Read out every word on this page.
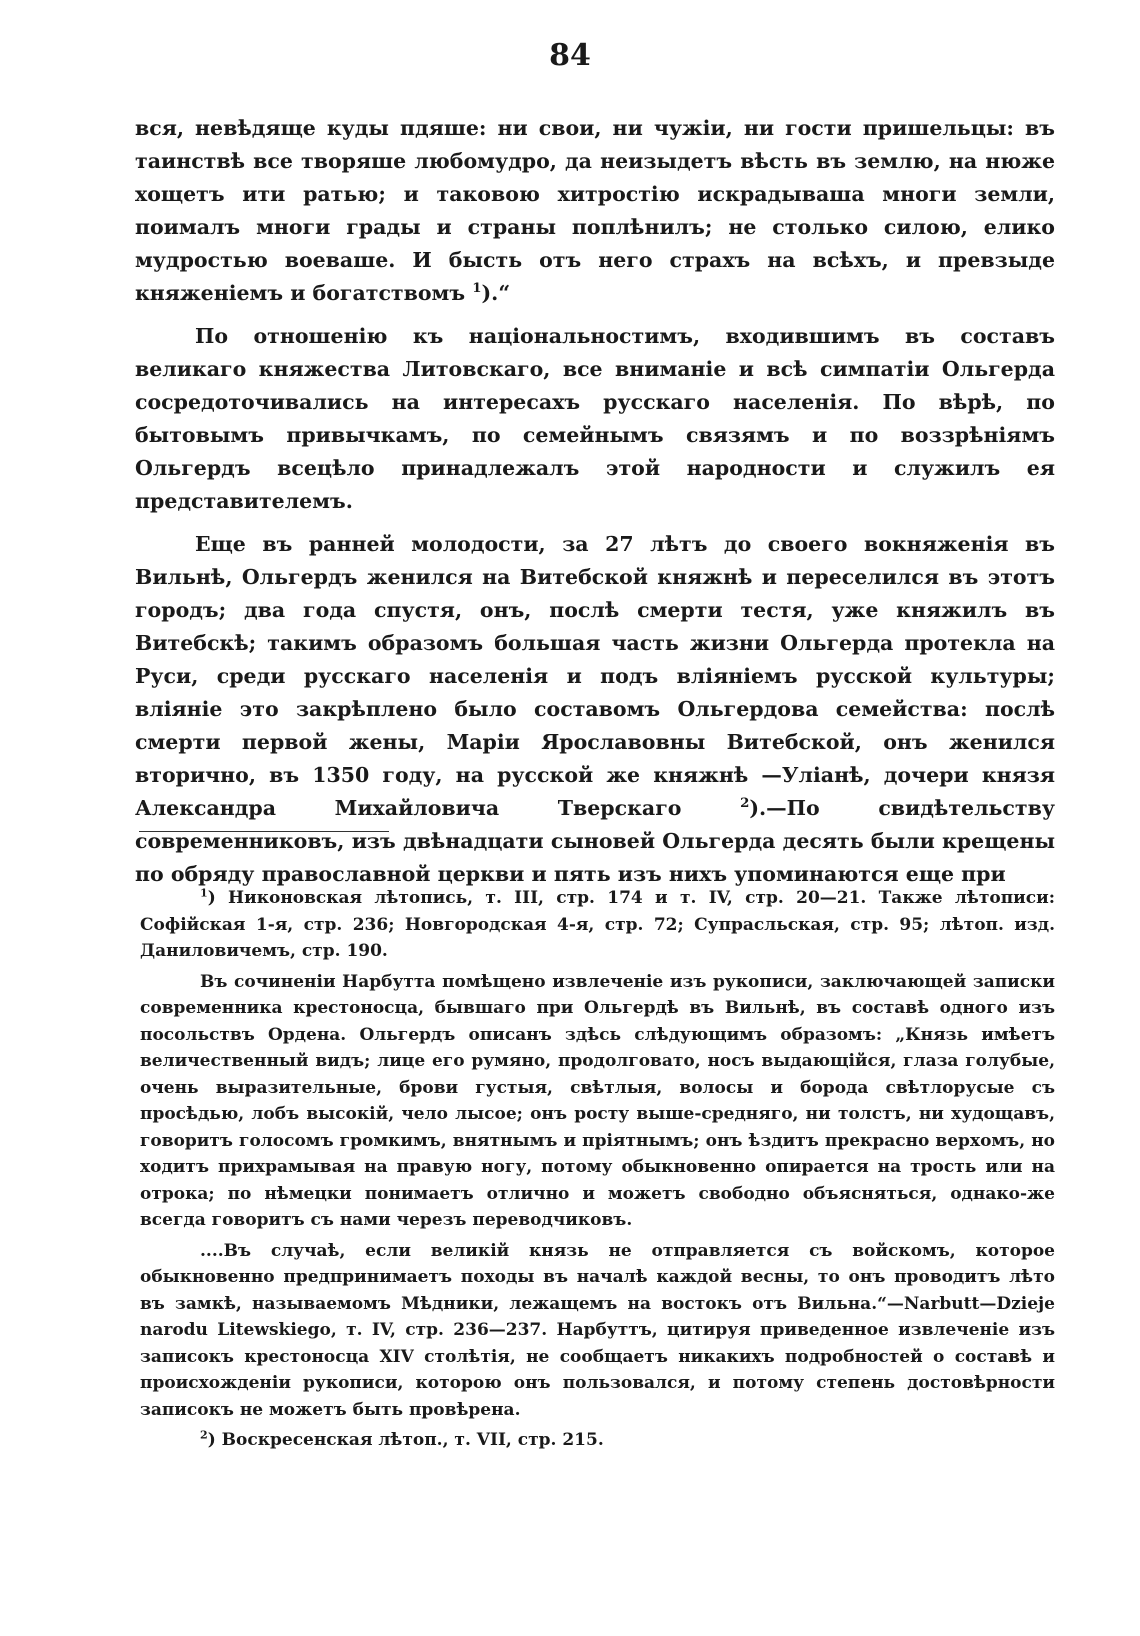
84

вся, невѣдяще куды пдяше: ни свои, ни чужіи, ни гости пришельцы: въ таинствѣ все творяше любомудро, да неизыдетъ вѣсть въ землю, на нюже хощетъ ити ратью; и таковою хитростію искрадываша многи земли, поималъ многи грады и страны поплѣнилъ; не столько силою, елико мудростью воеваше. И бысть отъ него страхъ на всѣхъ, и превзыде княженіемъ и богатствомъ $^1$).“

По отношенію къ національностимъ, входившимъ въ составъ великаго княжества Литовскаго, все вниманіе и всѣ симпатіи Ольгерда сосредоточивались на интересахъ русскаго населенія. По вѣрѣ, по бытовымъ привычкамъ, по семейнымъ связямъ и по воззрѣніямъ Ольгердъ всецѣло принадлежалъ этой народности и служилъ ея представителемъ.

Еще въ ранней молодости, за 27 лѣтъ до своего вокняженія въ Вильнѣ, Ольгердъ женился на Витебской княжнѣ и переселился въ этотъ городъ; два года спустя, онъ, послѣ смерти тестя, уже княжилъ въ Витебскѣ; такимъ образомъ большая часть жизни Ольгерда протекла на Руси, среди русскаго населенія и подъ вліяніемъ русской культуры; вліяніе это закрѣплено было составомъ Ольгердова семейства: послѣ смерти первой жены, Маріи Ярославовны Витебской, онъ женился вторично, въ 1350 году, на русской же княжнѣ —Уліанѣ, дочери князя Александра Михайловича Тверскаго $^2$).—По свидѣтельству современниковъ, изъ двѣнадцати сыновей Ольгерда десять были крещены по обряду православной церкви и пять изъ нихъ упоминаются еще при

$^1$) Никоновская лѣтопись, т. III, стр. 174 и т. IV, стр. 20—21. Также лѣтописи: Софійская 1-я, стр. 236; Новгородская 4-я, стр. 72; Супрасльская, стр. 95; лѣтоп. изд. Даниловичемъ, стр. 190.

Въ сочиненіи Нарбутта помѣщено извлеченіе изъ рукописи, заключающей записки современника крестоносца, бывшаго при Ольгердѣ въ Вильнѣ, въ составѣ одного изъ посольствъ Ордена. Ольгердъ описанъ здѣсь слѣдующимъ образомъ: „Князь имѣетъ величественный видъ; лице его румяно, продолговато, носъ выдающійся, глаза голубые, очень выразительные, брови густыя, свѣтлыя, волосы и борода свѣтлорусые съ просѣдью, лобъ высокій, чело лысое; онъ росту выше-средняго, ни толстъ, ни худощавъ, говоритъ голосомъ громкимъ, внятнымъ и пріятнымъ; онъ ѣздитъ прекрасно верхомъ, но ходитъ прихрамывая на правую ногу, потому обыкновенно опирается на трость или на отрока; по нѣмецки понимаетъ отлично и можетъ свободно объясняться, однако-же всегда говоритъ съ нами черезъ переводчиковъ.

....Въ случаѣ, если великій князь не отправляется съ войскомъ, которое обыкновенно предпринимаетъ походы въ началѣ каждой весны, то онъ проводитъ лѣто въ замкѣ, называемомъ Мѣдники, лежащемъ на востокъ отъ Вильна.“—Narbutt—Dzieje narodu Litewskiego, т. IV, стр. 236—237. Нарбуттъ, цитируя приведенное извлеченіе изъ записокъ крестоносца XIV столѣтія, не сообщаетъ никакихъ подробностей о составѣ и происхожденіи рукописи, которою онъ пользовался, и потому степень достовѣрности записокъ не можетъ быть провѣрена.

$^2$) Воскресенская лѣтоп., т. VII, стр. 215.
